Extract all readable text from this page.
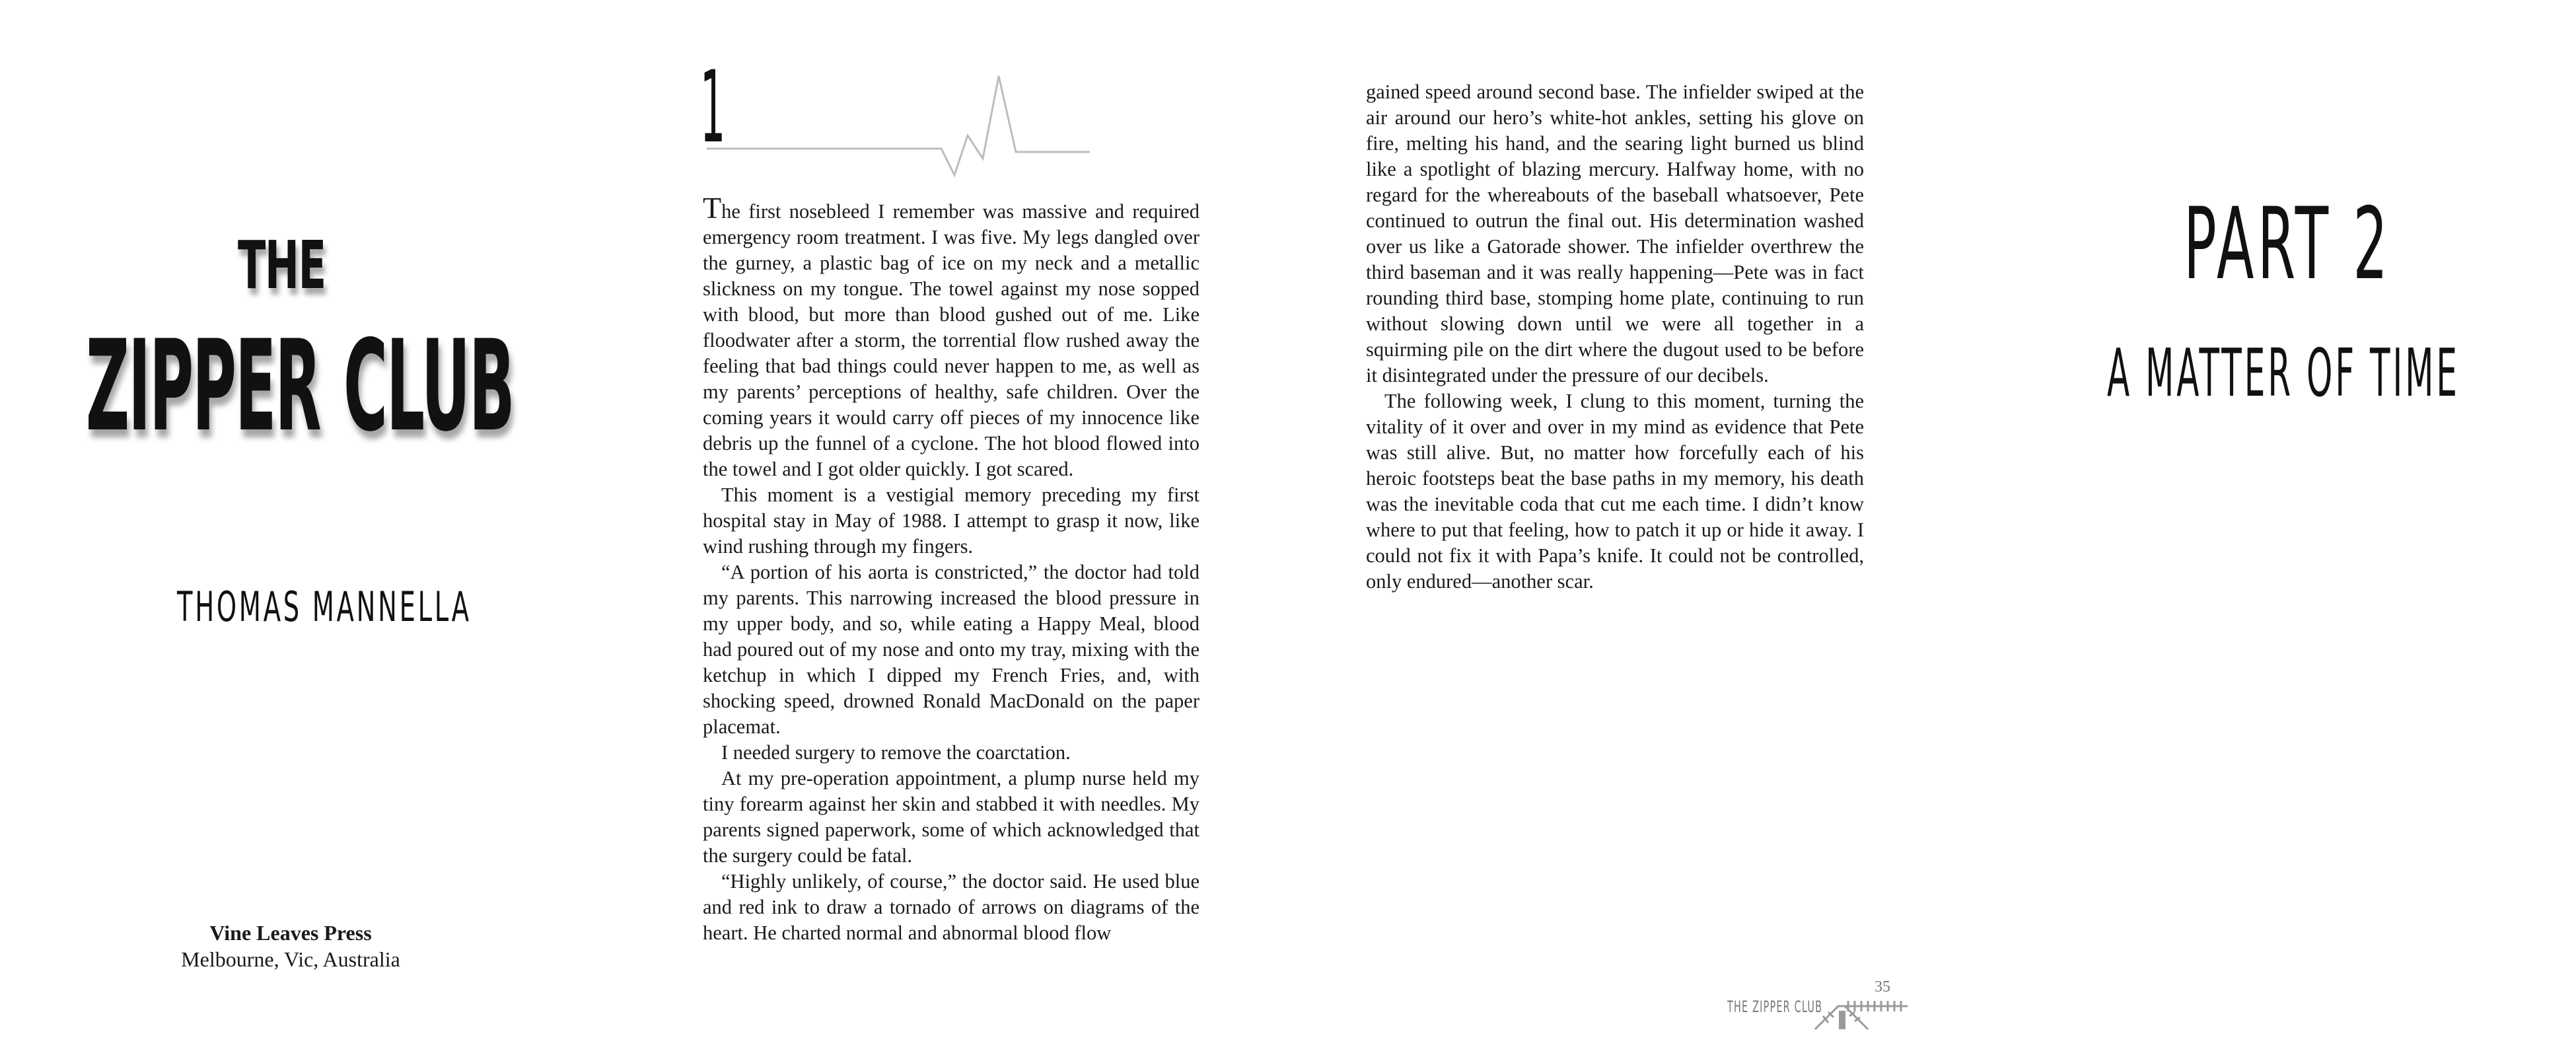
THE
ZIPPER CLUB
THOMAS MANNELLA
Vine Leaves Press
Melbourne, Vic, Australia
1

The first nosebleed I remember was massive and required emergency room treatment. I was five. My legs dangled over the gurney, a plastic bag of ice on my neck and a metallic slickness on my tongue. The towel against my nose sopped with blood, but more than blood gushed out of me. Like floodwater after a storm, the torrential flow rushed away the feeling that bad things could never happen to me, as well as my parents’ perceptions of healthy, safe children. Over the coming years it would carry off pieces of my innocence like debris up the funnel of a cyclone. The hot blood flowed into the towel and I got older quickly. I got scared.

This moment is a vestigial memory preceding my first hospital stay in May of 1988. I attempt to grasp it now, like wind rushing through my fingers.

“A portion of his aorta is constricted,” the doctor had told my parents. This narrowing increased the blood pressure in my upper body, and so, while eating a Happy Meal, blood had poured out of my nose and onto my tray, mixing with the ketchup in which I dipped my French Fries, and, with shocking speed, drowned Ronald MacDonald on the paper placemat.

I needed surgery to remove the coarctation.

At my pre-operation appointment, a plump nurse held my tiny forearm against her skin and stabbed it with needles. My parents signed paperwork, some of which acknowledged that the surgery could be fatal.

“Highly unlikely, of course,” the doctor said. He used blue and red ink to draw a tornado of arrows on diagrams of the heart. He charted normal and abnormal blood flow

gained speed around second base. The infielder swiped at the air around our hero’s white-hot ankles, setting his glove on fire, melting his hand, and the searing light burned us blind like a spotlight of blazing mercury. Halfway home, with no regard for the whereabouts of the baseball whatsoever, Pete continued to outrun the final out. His determination washed over us like a Gatorade shower. The infielder overthrew the third baseman and it was really happening—Pete was in fact rounding third base, stomping home plate, continuing to run without slowing down until we were all together in a squirming pile on the dirt where the dugout used to be before it disintegrated under the pressure of our decibels.

The following week, I clung to this moment, turning the vitality of it over and over in my mind as evidence that Pete was still alive. But, no matter how forcefully each of his heroic footsteps beat the base paths in my memory, his death was the inevitable coda that cut me each time. I didn’t know where to put that feeling, how to patch it up or hide it away. I could not fix it with Papa’s knife. It could not be controlled, only endured—another scar.

THE ZIPPER CLUB
35
PART 2
A MATTER OF TIME
